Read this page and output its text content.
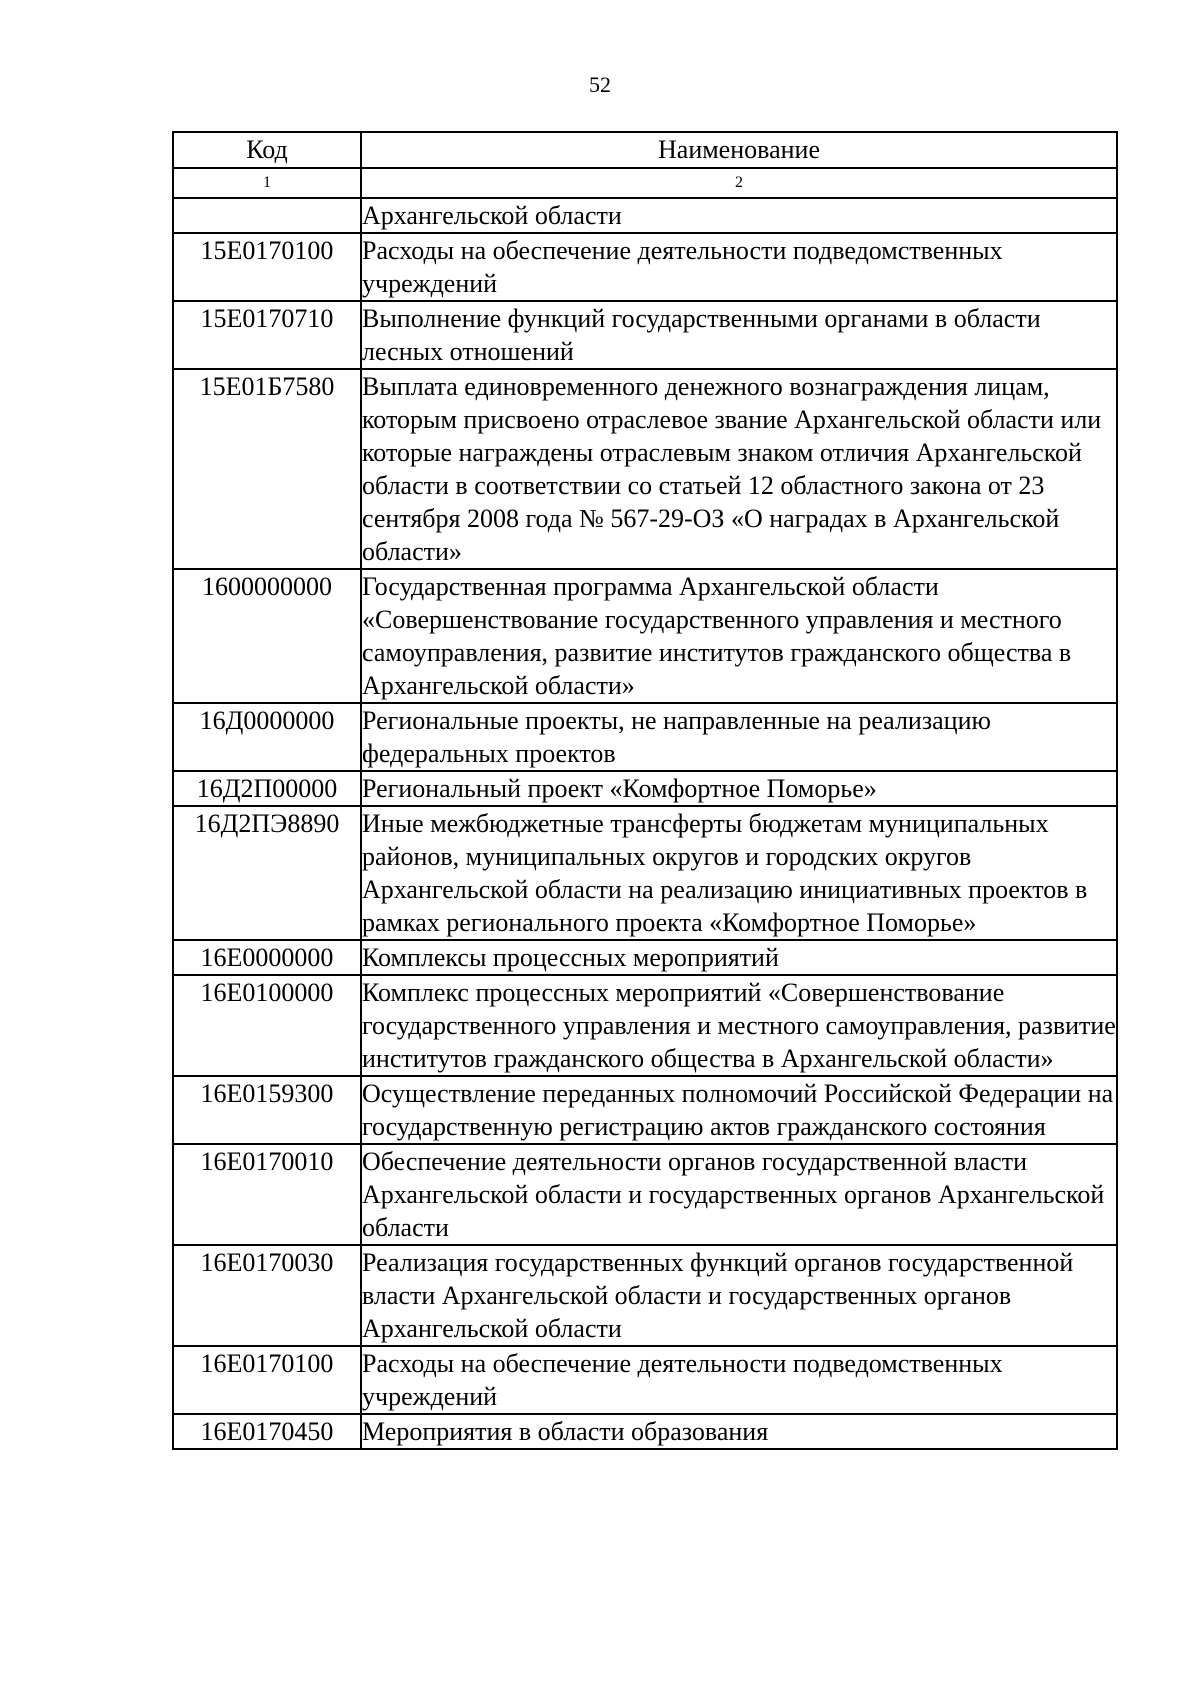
52
Код	Наименование
1	2
	Архангельской области
15Е0170100	Расходы на обеспечение деятельности подведомственных учреждений
15Е0170710	Выполнение функций государственными органами в области лесных отношений
15Е01Б7580	Выплата единовременного денежного вознаграждения лицам, которым присвоено отраслевое звание Архангельской области или которые награждены отраслевым знаком отличия Архангельской области в соответствии со статьей 12 областного закона от 23 сентября 2008 года № 567-29-ОЗ «О наградах в Архангельской области»
1600000000	Государственная программа Архангельской области «Совершенствование государственного управления и местного самоуправления, развитие институтов гражданского общества в Архангельской области»
16Д0000000	Региональные проекты, не направленные на реализацию федеральных проектов
16Д2П00000	Региональный проект «Комфортное Поморье»
16Д2ПЭ8890	Иные межбюджетные трансферты бюджетам муниципальных районов, муниципальных округов и городских округов Архангельской области на реализацию инициативных проектов в рамках регионального проекта «Комфортное Поморье»
16Е0000000	Комплексы процессных мероприятий
16Е0100000	Комплекс процессных мероприятий «Совершенствование государственного управления и местного самоуправления, развитие институтов гражданского общества в Архангельской области»
16Е0159300	Осуществление переданных полномочий Российской Федерации на государственную регистрацию актов гражданского состояния
16Е0170010	Обеспечение деятельности органов государственной власти Архангельской области и государственных органов Архангельской области
16Е0170030	Реализация государственных функций органов государственной власти Архангельской области и государственных органов Архангельской области
16Е0170100	Расходы на обеспечение деятельности подведомственных учреждений
16Е0170450	Мероприятия в области образования
